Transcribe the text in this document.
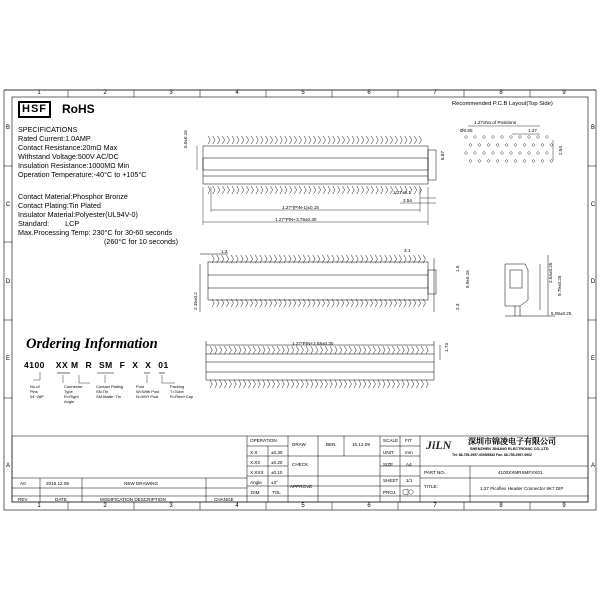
1	2	3	4	5	6	7	8	9
1	2	3	4	5	6	7	8	9
B
C
D
E
A
B
C
D
E
A
HSF	RoHS
SPECIFICATIONS
Rated Current:1.0AMP
Contact Resistance:20mΩ Max
Withstand Voltage:500V AC/DC
Insulation Resistance:1000MΩ Min
Operation Temperature:-40°C to +105°C
Contact Material:Phosphor Bronze
Contact Plating:Tin Plated
Insulator Material:Polyester(UL94V-0)
Standard:        LCP
Max.Processing Temp: 230°C for 30-60 seconds
(260°C for 10 seconds)
Recommended P.C.B Layout(Top Side)
1.27xNo.of Positions
1.27
Ø0.65
2.54
5.0±0.15
6.87
1.27±0.1
2.54
1.27*(PIN-1)±0.15
1.27*PIN+3.78±0.30
1.3
2.15±0.2
3.1
1.5
5.9±0.15
2.3
2.54±0.25
9.79±0.25
5.08±0.25
1.27*PIN+2.58±0.30	1.73
Ordering Information
4100 XX M R SM F X X 01
No.of
Pins
04~28P
Connector
Type
R=Right
Angle
Contact Plating
SN:Tin
SM:Matte~Tin
Post
W=With Post
N=W/O Post
Packing
T=Tube
R=Reel+Cap
OPERATION
DRAW	BEN	16.12.09
SCALE FIT
X.X	±0.30
X.XX ±0.20
X.XXX ±0.10
Angle ±3°
DIM	TOL
CHECK
APPROVE
UNIT mm
SIZE	A4
SHEET 1/1
PROJ.
JiLN 深圳市锦凌电子有限公司
SHENZHEN JINLING ELECTRONIC CO.,LTD
Tel: 86-755-2997-9005/5832 Fax: 86-755-2997-9902
PART NO.	4100XXMRSMFXX01
TITLE:	1.27 Picoflex Header Connector 9K7 DIP
A0	2016.12.09	NEW DRAWING
REV	DATE	MODIFICATION DESCRIPTION	CHANGE
